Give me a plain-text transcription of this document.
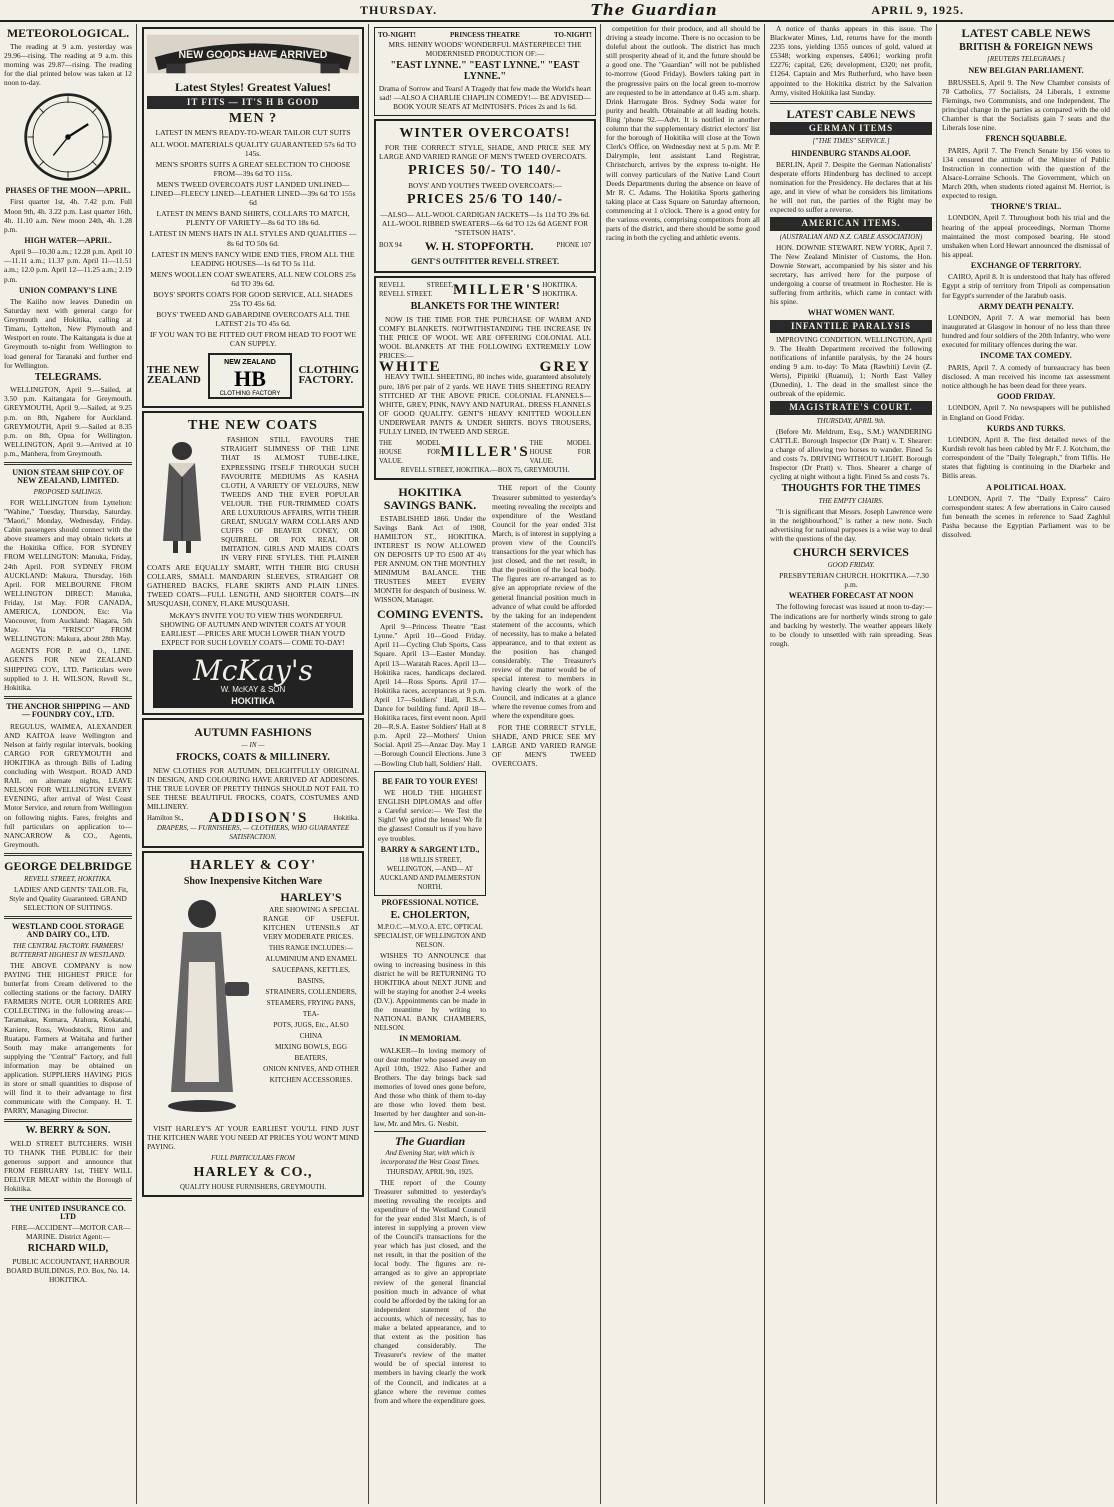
THURSDAY.	The Guardian	APRIL 9, 1925.
METEOROLOGICAL.
The reading at 9 a.m. yesterday was 29.96—rising. The reading at 9 a.m. this morning was 29.87—rising. The reading for the dial printed below was taken at 12 noon to-day.
PHASES OF THE MOON—APRIL.
First quarter 1st, 4h. 7.42 p.m. Full Moon 9th, 4h. 3.22 p.m. Last quarter 16th, 4h. 11.10 a.m. New moon 24th, 4h. 1.28 p.m.
HIGH WATER—APRIL.
April 9—10.30 a.m.; 12.28 p.m. April 10—11.11 a.m.; 11.37 p.m. April 11—11.51 a.m.; 12.0 p.m. April 12—11.25 a.m.; 2.19 p.m.
UNION COMPANY'S LINE
The Kaiiho now leaves Dunedin on Saturday next with general cargo for Greymouth and Hokitika, calling at Timaru, Lyttelton, New Plymouth and Westport en route. The Kaitangata is due at Greymouth to-night from Wellington to load general for Taranaki and further end for Wellington.
TELEGRAMS.
WELLINGTON, April 9.—Sailed, at 3.50 p.m. Kaitangata for Greymouth. GREYMOUTH, April 9.—Sailed, at 9.25 p.m. on 8th, Ngahere for Auckland. GREYMOUTH, April 9.—Sailed at 8.35 p.m. on 8th, Opua for Wellington. WELLINGTON, April 9.—Arrived at 10 p.m., Manhera, from Greymouth.
UNION STEAM SHIP COY. OF NEW ZEALAND, LIMITED.
PROPOSED SAILINGS.
FOR WELLINGTON from Lyttelton: "Wahine," Tuesday, Thursday, Saturday. "Maori," Monday, Wednesday, Friday. Cabin passengers should connect with the above steamers and may obtain tickets at the Hokitika Office. FOR SYDNEY FROM WELLINGTON: Manuka, Friday, 24th April. FOR SYDNEY FROM AUCKLAND: Makura, Thursday, 16th April. FOR MELBOURNE FROM WELLINGTON DIRECT: Manuka, Friday, 1st May. FOR CANADA, AMERICA, LONDON, Etc: Via Vancouver, from Auckland: Niagara, 5th May. Via "FRISCO" FROM WELLINGTON: Makura, about 28th May.
AGENTS FOR P. and O., LINE. AGENTS FOR NEW ZEALAND SHIPPING COY., LTD. Particulars were supplied to J. H. WILSON, Revell St., Hokitika.
THE ANCHOR SHIPPING — AND — FOUNDRY COY., LTD.
REGULUS, WAIMEA, ALEXANDER AND KAITOA leave Wellington and Nelson at fairly regular intervals, booking CARGO FOR GREYMOUTH and HOKITIKA as through Bills of Lading concluding with Westport. ROAD AND RAIL on alternate nights, LEAVE NELSON FOR WELLINGTON EVERY EVENING, after arrival of West Coast Motor Service, and return from Wellington on following nights. Fares, freights and full particulars on application to— NANCARROW & CO., Agents, Greymouth.
GEORGE DELBRIDGE
REVELL STREET, HOKITIKA.
LADIES' AND GENTS' TAILOR. Fit, Style and Quality Guaranteed. GRAND SELECTION OF SUITINGS.
WESTLAND COOL STORAGE AND DAIRY CO., LTD.
THE CENTRAL FACTORY. FARMERS! BUTTERFAT HIGHEST IN WESTLAND.
THE ABOVE COMPANY is now PAYING THE HIGHEST PRICE for butterfat from Cream delivered to the collecting stations or the factory. DAIRY FARMERS NOTE. OUR LORRIES ARE COLLECTING in the following areas:—Taramakau, Kumara, Arahura, Kokatahi, Kaniere, Ross, Woodstock, Rimu and Ruatapu. Farmers at Waitaha and further South may make arrangements for supplying the "Central" Factory, and full information may be obtained on application. SUPPLIERS HAVING PIGS in store or small quantities to dispose of will find it to their advantage to first communicate with the Company. H. T. PARRY, Managing Director.
W. BERRY & SON.
WELD STREET BUTCHERS. WISH TO THANK THE PUBLIC for their generous support and announce that FROM FEBRUARY 1st, THEY WILL DELIVER MEAT within the Borough of Hokitika.
THE UNITED INSURANCE CO. LTD
FIRE—ACCIDENT—MOTOR CAR—MARINE. District Agent:—
RICHARD WILD,
PUBLIC ACCOUNTANT, HARBOUR BOARD BUILDINGS, P.O. Box, No. 14. HOKITIKA.
NEW GOODS HAVE ARRIVED
Latest Styles! Greatest Values!
IT FITS — IT'S H B GOOD
MEN ?
LATEST IN MEN'S READY-TO-WEAR TAILOR CUT SUITS
ALL WOOL MATERIALS QUALITY GUARANTEED 57s 6d TO 145s.
MEN'S SPORTS SUITS A GREAT SELECTION TO CHOOSE FROM—39s 6d TO 115s.
MEN'S TWEED OVERCOATS JUST LANDED UNLINED—LINED—FLEECY LINED—LEATHER LINED—39s 6d TO 155s 6d
LATEST IN MEN'S BAND SHIRTS, COLLARS TO MATCH, PLENTY OF VARIETY—8s 6d TO 18s 6d.
LATEST IN MEN'S HATS IN ALL STYLES AND QUALITIES —8s 6d TO 50s 6d.
LATEST IN MEN'S FANCY WIDE END TIES, FROM ALL THE LEADING HOUSES—1s 6d TO 5s 11d.
MEN'S WOOLLEN COAT SWEATERS, ALL NEW COLORS 25s 6d TO 39s 6d.
BOYS' SPORTS COATS FOR GOOD SERVICE, ALL SHADES 25s TO 45s 6d.
BOYS' TWEED AND GABARDINE OVERCOATS ALL THE LATEST 21s TO 45s 6d.
IF YOU WAN TO BE FITTED OUT FROM HEAD TO FOOT WE CAN SUPPLY.
THE NEW
ZEALAND
NEW ZEALAND
HB
CLOTHING FACTORY
CLOTHING
FACTORY.
THE NEW COATS
FASHION STILL FAVOURS THE STRAIGHT SLIMNESS OF THE LINE THAT IS ALMOST TUBE-LIKE, EXPRESSING ITSELF THROUGH SUCH FAVOURITE MEDIUMS AS KASHA CLOTH, A VARIETY OF VELOURS, NEW TWEEDS AND THE EVER POPULAR VELOUR. THE FUR-TRIMMED COATS ARE LUXURIOUS AFFAIRS, WITH THEIR GREAT, SNUGLY WARM COLLARS AND CUFFS OF BEAVER CONEY, OR SQUIRREL OR FOX REAL OR IMITATION. GIRLS AND MAIDS COATS IN VERY FINE STYLES. THE PLAINER COATS ARE EQUALLY SMART, WITH THEIR BIG CRUSH COLLARS, SMALL MANDARIN SLEEVES, STRAIGHT OR GATHERED BACKS, FLARE SKIRTS AND PLAIN LINES. TWEED COATS—FULL LENGTH, AND SHORTER COATS—IN MUSQUASH, CONEY, FLAKE MUSQUASH.
McKAY'S INVITE YOU TO VIEW THIS WONDERFUL SHOWING OF AUTUMN AND WINTER COATS AT YOUR EARLIEST —PRICES ARE MUCH LOWER THAN YOU'D EXPECT FOR SUCH LOVELY COATS— COME TO-DAY!
McKay's
W. McKAY & SON
HOKITIKA
AUTUMN FASHIONS
— IN —
FROCKS, COATS & MILLINERY.
NEW CLOTHES FOR AUTUMN, DELIGHTFULLY ORIGINAL IN DESIGN, AND COLOURING HAVE ARRIVED AT ADDISONS. THE TRUE LOVER OF PRETTY THINGS SHOULD NOT FAIL TO SEE THESE BEAUTIFUL FROCKS, COATS, COSTUMES AND MILLINERY.
Hamilton St., ADDISON'S	Hokitika.
DRAPERS, — FURNISHERS, — CLOTHIERS, WHO GUARANTEE SATISFACTION.
HARLEY & COY'
Show Inexpensive Kitchen Ware
HARLEY'S
ARE SHOWING A SPECIAL RANGE OF USEFUL KITCHEN UTENSILS AT VERY MODERATE PRICES.
THIS RANGE INCLUDES:—
ALUMINIUM AND ENAMEL
SAUCEPANS, KETTLES, BASINS,
STRAINERS, COLLENDERS,
STEAMERS, FRYING PANS, TEA-
POTS, JUGS, Etc., ALSO CHINA
MIXING BOWLS, EGG BEATERS,
ONION KNIVES, AND OTHER
KITCHEN ACCESSORIES.
VISIT HARLEY'S AT YOUR EARLIEST YOU'LL FIND JUST THE KITCHEN WARE YOU NEED AT PRICES YOU WON'T MIND PAYING.
FULL PARTICULARS FROM
HARLEY & CO.,
QUALITY HOUSE FURNISHERS, GREYMOUTH.
TO-NIGHT!	PRINCESS THEATRE	TO-NIGHT!
MRS. HENRY WOODS' WONDERFUL MASTERPIECE! THE MODERNISED PRODUCTION OF:—
"EAST LYNNE." "EAST LYNNE." "EAST LYNNE."
Drama of Sorrow and Tears! A Tragedy that few made the World's heart sad! —ALSO A CHARLIE CHAPLIN COMEDY!— BE ADVISED—BOOK YOUR SEATS AT McINTOSH'S. Prices 2s and 1s 6d.
WINTER OVERCOATS!
FOR THE CORRECT STYLE, SHADE, AND PRICE SEE MY LARGE AND VARIED RANGE OF MEN'S TWEED OVERCOATS.
PRICES 50/- TO 140/-
BOYS' AND YOUTH'S TWEED OVERCOATS:—
PRICES 25/6 TO 140/-
—ALSO— ALL-WOOL CARDIGAN JACKETS—1s 11d TO 39s 6d. ALL-WOOL RIBBED SWEATERS—6s 6d TO 12s 6d AGENT FOR "STETSON HATS".
BOX 94 W. H. STOPFORTH.	PHONE 107
GENT'S OUTFITTER REVELL STREET.
REVELL STREET, REVELL STREET.	MILLER'S HOKITIKA. HOKITIKA.
BLANKETS FOR THE WINTER!
NOW IS THE TIME FOR THE PURCHASE OF WARM AND COMFY BLANKETS. NOTWITHSTANDING THE INCREASE IN THE PRICE OF WOOL WE ARE OFFERING COLONIAL ALL WOOL BLANKETS AT THE FOLLOWING EXTREMELY LOW PRICES:—
WHITE	GREY
HEAVY TWILL SHEETING, 80 inches wide, guaranteed absolutely pure, 18/6 per pair of 2 yards. WE HAVE THIS SHEETING READY STITCHED AT THE ABOVE PRICE. COLONIAL FLANNELS—WHITE, GREY, PINK, NAVY AND NATURAL. DRESS FLANNELS OF GOOD QUALITY. GENT'S HEAVY KNITTED WOOLLEN UNDERWEAR PANTS & UNDER SHIRTS. BOYS TROUSERS, FULLY LINED, IN TWEED AND SERGE.
THE MODEL HOUSE FOR VALUE.
MILLER'S
THE MODEL HOUSE FOR VALUE.
REVELL STREET, HOKITIKA.—BOX 75, GREYMOUTH.
HOKITIKA SAVINGS BANK.
ESTABLISHED 1866. Under the Savings Bank Act of 1908, HAMILTON ST., HOKITIKA. INTEREST IS NOW ALLOWED ON DEPOSITS UP TO £500 AT 4½ PER ANNUM. ON THE MONTHLY MINIMUM BALANCE. THE TRUSTEES MEET EVERY MONTH for despatch of business. W. WISSON, Manager.
COMING EVENTS.
April 9—Princess Theatre "East Lynne." April 10—Good Friday. April 11—Cycling Club Sports, Cass Square. April 13—Easter Monday. April 13—Waratah Races. April 13—Hokitika races, handicaps declared. April 14—Ross Sports. April 17—Hokitika races, acceptances at 9 p.m. April 17—Soldiers' Hall, R.S.A. Dance for building fund. April 18—Hokitika races, first event noon. April 20—R.S.A. Easter Soldiers' Hall at 8 p.m. April 22—Mothers' Union Social. April 25—Anzac Day. May 1—Borough Council Elections. June 3—Bowling Club hall, Soldiers' Hall.
BE FAIR TO YOUR EYES!
WE HOLD THE HIGHEST ENGLISH DIPLOMAS and offer a Careful service:— We Test the Sight! We grind the lenses! We fit the glasses! Consult us if you have eye troubles.
BARRY & SARGENT LTD.,
118 WILLIS STREET, WELLINGTON, —AND— AT AUCKLAND AND PALMERSTON NORTH.
PROFESSIONAL NOTICE.
E. CHOLERTON,
M.P.O.C.—M.V.O.A. ETC. OPTICAL SPECIALIST, OF WELLINGTON AND NELSON.
WISHES TO ANNOUNCE that owing to increasing business in this district he will be RETURNING TO HOKITIKA about NEXT JUNE and will be staying for another 2-4 weeks (D.V.). Appointments can be made in the meantime by writing to NATIONAL BANK CHAMBERS, NELSON.
IN MEMORIAM.
WALKER—In loving memory of our dear mother who passed away on April 10th, 1922. Also Father and Brothers. The day brings back sad memories of loved ones gone before, And those who think of them to-day are those who loved them best. Inserted by her daughter and son-in-law, Mr. and Mrs. G. Nesbit.
The Guardian
And Evening Star, with which is incorporated the West Coast Times.
THURSDAY, APRIL 9th, 1925.
THE report of the County Treasurer submitted to yesterday's meeting revealing the receipts and expenditure of the Westland Council for the year ended 31st March, is of interest in supplying a proven view of the Council's transactions for the year which has just closed, and the net result, in that the position of the local body. The figures are re-arranged as to give an appropriate review of the general financial position much in advance of what could be afforded by the taking for an independent statement of the accounts, which of necessity, has to make a belated appearance, and to that extent as the position has changed considerably. The Treasurer's review of the matter would be of special interest to members in having clearly the work of the Council, and indicates at a glance where the revenue comes from and where the expenditure goes.
THE report of the County Treasurer submitted to yesterday's meeting revealing the receipts and expenditure of the Westland Council for the year ended 31st March, is of interest in supplying a proven view of the Council's transactions for the year which has just closed, and the net result, in that the position of the local body. The figures are re-arranged as to give an appropriate review of the general financial position much in advance of what could be afforded by the taking for an independent statement of the accounts, which of necessity, has to make a belated appearance, and to that extent as the position has changed considerably. The Treasurer's review of the matter would be of special interest to members in having clearly the work of the Council, and indicates at a glance where the revenue comes from and where the expenditure goes.
FOR THE CORRECT STYLE, SHADE, AND PRICE SEE MY LARGE AND VARIED RANGE OF MEN'S TWEED OVERCOATS.
competition for their produce, and all should be driving a steady income. There is no occasion to be doleful about the outlook. The district has much still prosperity ahead of it, and the future should be a good one. The "Guardian" will not be published to-morrow (Good Friday). Bowlers taking part in the progressive pairs on the local green to-morrow are requested to be in attendance at 0.45 a.m. sharp. Drink Harrogate Bros. Sydney Soda water for purity and health. Obtainable at all leading hotels. Ring 'phone 92.—Advt. It is notified in another column that the supplementary district electors' list for the borough of Hokitika will close at the Town Clerk's Office, on Wednesday next at 5 p.m. Mr P. Dalrymple, lent assistant Land Registrar, Christchurch, arrives by the express to-night. He will convey particulars of the Native Land Court Deeds Departments during the absence on leave of Mr R. C. Adams. The Hokitika Sports gathering taking place at Cass Square on Saturday afternoon, commencing at 1 o'clock. There is a good entry for the various events, comprising competitors from all parts of the district, and there should be some good racing in both the cycling and athletic events.
A notice of thanks appears in this issue. The Blackwater Mines, Ltd, returns have for the month 2235 tons, yielding 1355 ounces of gold, valued at £5348; working expenses, £4061; working profit £2276; capital, £26; development, £320; net profit, £1264. Captain and Mrs Rutherfurd, who have been appointed to the Hokitika district by the Salvation Army, visited Hokitika last Sunday.
LATEST CABLE NEWS
GERMAN ITEMS
["THE TIMES" SERVICE.]
HINDENBURG STANDS ALOOF.
BERLIN, April 7. Despite the German Nationalists' desperate efforts Hindenburg has declined to accept nomination for the Presidency. He declares that at his age, and in view of what he considers his limitations he will not run, the parties of the Right may be expected to suffer a reverse.
AMERICAN ITEMS.
(AUSTRALIAN AND N.Z. CABLE ASSOCIATION)
HON. DOWNIE STEWART. NEW YORK, April 7. The New Zealand Minister of Customs, the Hon. Downie Stewart, accompanied by his sister and his secretary, has arrived here for the purpose of undergoing a course of treatment in Rochester. He is suffering from arthritis, which came in contact with his spine.
WHAT WOMEN WANT.
INFANTILE PARALYSIS
IMPROVING CONDITION. WELLINGTON, April 9. The Health Department received the following notifications of infantile paralysis, by the 24 hours ending 9 a.m. to-day: To Mata (Rawhiti) Levin (Z. Werts), Pipiriki (Ruanui), 1; North East Valley (Dunedin), 1. The dead in the smallest since the outbreak of the epidemic.
MAGISTRATE'S COURT.
THURSDAY, APRIL 9th.
(Before Mr. Meldrum, Esq., S.M.) WANDERING CATTLE. Borough Inspector (Dr Pratt) v. T. Shearer: a charge of allowing two horses to wander. Fined 5s and costs 7s. DRIVING WITHOUT LIGHT. Borough Inspector (Dr Pratt) v. Thos. Shearer a charge of cycling at night without a light. Fined 5s and costs 7s.
THOUGHTS FOR THE TIMES
THE EMPTY CHAIRS.
"It is significant that Messrs. Joseph Lawrence were in the neighbourhood," is rather a new note. Such advertising for national purposes is a wise way to deal with the questions of the day.
CHURCH SERVICES
GOOD FRIDAY.
PRESBYTERIAN CHURCH. HOKITIKA.—7.30 p.m.
WEATHER FORECAST AT NOON
The following forecast was issued at noon to-day:—The indications are for northerly winds strong to gale and backing by westerly. The weather appears likely to be cloudy to unsettled with rain spreading. Seas rough.
LATEST CABLE NEWS
BRITISH & FOREIGN NEWS
[REUTERS TELEGRAMS.]
NEW BELGIAN PARLIAMENT.
BRUSSELS, April 9. The New Chamber consists of 78 Catholics, 77 Socialists, 24 Liberals, 1 extreme Flemings, two Communists, and one Independent. The principal change in the parties as compared with the old Chamber is that the Socialists gain 7 seats and the Liberals lose nine.
FRENCH SQUABBLE.
PARIS, April 7. The French Senate by 156 votes to 134 censured the attitude of the Minister of Public Instruction in connection with the question of the Alsace-Lorraine Schools. The Government, which on March 20th, when students rioted against M. Herriot, is expected to resign.
THORNE'S TRIAL.
LONDON, April 7. Throughout both his trial and the hearing of the appeal proceedings, Norman Thorne maintained the most composed bearing. He stood unshaken when Lord Hewart announced the dismissal of his appeal.
EXCHANGE OF TERRITORY.
CAIRO, April 8. It is understood that Italy has offered Egypt a strip of territory from Tripoli as compensation for Egypt's surrender of the Jarabub oasis.
ARMY DEATH PENALTY.
LONDON, April 7. A war memorial has been inaugurated at Glasgow in honour of no less than three hundred and four soldiers of the 20th Infantry, who were executed for military offences during the war.
INCOME TAX COMEDY.
PARIS, April 7. A comedy of bureaucracy has been disclosed. A man received his income tax assessment notice although he has been dead for three years.
GOOD FRIDAY.
LONDON, April 7. No newspapers will be published in England on Good Friday.
KURDS AND TURKS.
LONDON, April 8. The first detailed news of the Kurdish revolt has been cabled by Mr F. J. Kotchum, the correspondent of the "Daily Telegraph," from Tiflis. He states that fighting is continuing in the Diarbekr and Bitlis areas.
A POLITICAL HOAX.
LONDON, April 7. The "Daily Express" Cairo correspondent states: A few aberrations in Cairo caused fun beneath the scenes in reference to Saad Zaghlul Pasha because the Egyptian Parliament was to be dissolved.
